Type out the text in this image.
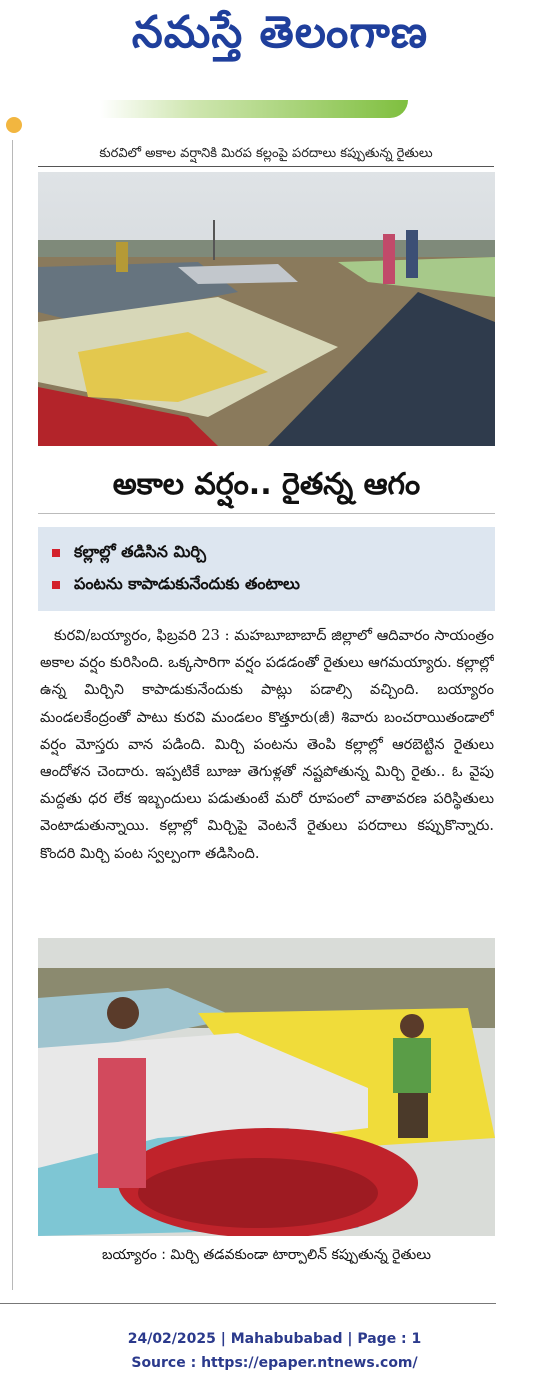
నమస్తే తెలంగాణ
కురవిలో అకాల వర్షానికి మిరప కల్లంపై పరదాలు కప్పుతున్న రైతులు
అకాల వర్షం.. రైతన్న ఆగం
కల్లాల్లో తడిసిన మిర్చి
పంటను కాపాడుకునేందుకు తంటాలు
కురవి/బయ్యారం, ఫిబ్రవరి 23 : మహబూబాబాద్ జిల్లాలో ఆదివారం సాయంత్రం అకాల వర్షం కురిసింది. ఒక్కసారిగా వర్షం పడడంతో రైతులు ఆగమయ్యారు. కల్లాల్లో ఉన్న మిర్చిని కాపాడుకునేందుకు పాట్లు పడాల్సి వచ్చింది. బయ్యారం మండలకేంద్రంతో పాటు కురవి మండలం కొత్తూరు(జీ) శివారు బంచరాయితండాలో వర్షం మోస్తరు వాన పడింది. మిర్చి పంటను తెంపి కల్లాల్లో ఆరబెట్టిన రైతులు ఆందోళన చెందారు. ఇప్పటికే బూజు తెగుళ్లతో నష్టపోతున్న మిర్చి రైతు.. ఓ వైపు మద్దతు ధర లేక ఇబ్బందులు పడుతుంటే మరో రూపంలో వాతావరణ పరిస్థితులు వెంటాడుతున్నాయి. కల్లాల్లో మిర్చిపై వెంటనే రైతులు పరదాలు కప్పుకొన్నారు. కొందరి మిర్చి పంట స్వల్పంగా తడిసింది.
బయ్యారం : మిర్చి తడవకుండా టార్పాలిన్ కప్పుతున్న రైతులు
24/02/2025 | Mahabubabad | Page : 1
Source : https://epaper.ntnews.com/
